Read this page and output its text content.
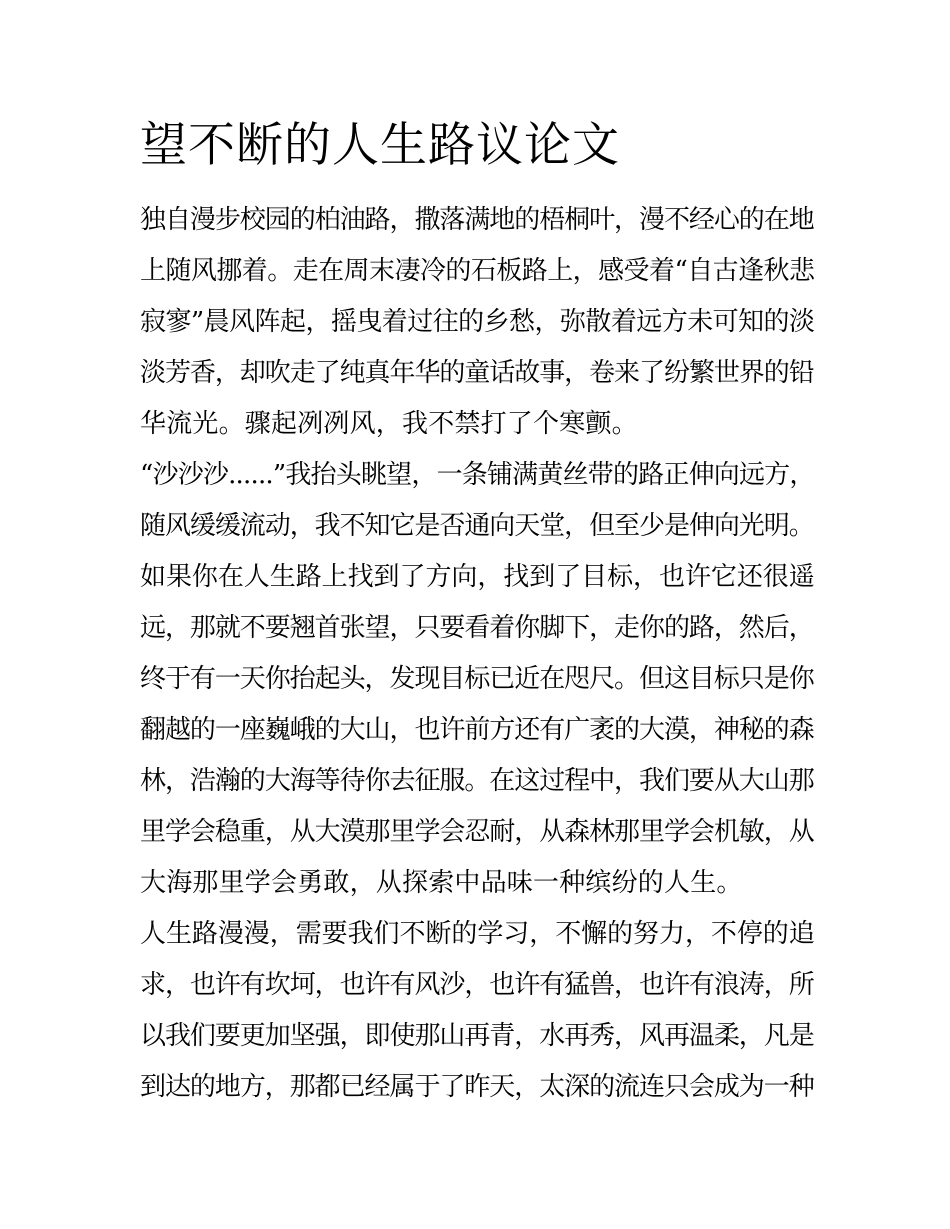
望不断的人生路议论文
独自漫步校园的柏油路，撒落满地的梧桐叶，漫不经心的在地
上随风挪着。走在周末凄冷的石板路上，感受着“自古逢秋悲
寂寥”晨风阵起，摇曳着过往的乡愁，弥散着远方未可知的淡
淡芳香，却吹走了纯真年华的童话故事，卷来了纷繁世界的铅
华流光。骤起冽冽风，我不禁打了个寒颤。
“沙沙沙......”我抬头眺望，一条铺满黄丝带的路正伸向远方，
随风缓缓流动，我不知它是否通向天堂，但至少是伸向光明。
如果你在人生路上找到了方向，找到了目标，也许它还很遥
远，那就不要翘首张望，只要看着你脚下，走你的路，然后，
终于有一天你抬起头，发现目标已近在咫尺。但这目标只是你
翻越的一座巍峨的大山，也许前方还有广袤的大漠，神秘的森
林，浩瀚的大海等待你去征服。在这过程中，我们要从大山那
里学会稳重，从大漠那里学会忍耐，从森林那里学会机敏，从
大海那里学会勇敢，从探索中品味一种缤纷的人生。
人生路漫漫，需要我们不断的学习，不懈的努力，不停的追
求，也许有坎坷，也许有风沙，也许有猛兽，也许有浪涛，所
以我们要更加坚强，即使那山再青，水再秀，风再温柔，凡是
到达的地方，那都已经属于了昨天，太深的流连只会成为一种
